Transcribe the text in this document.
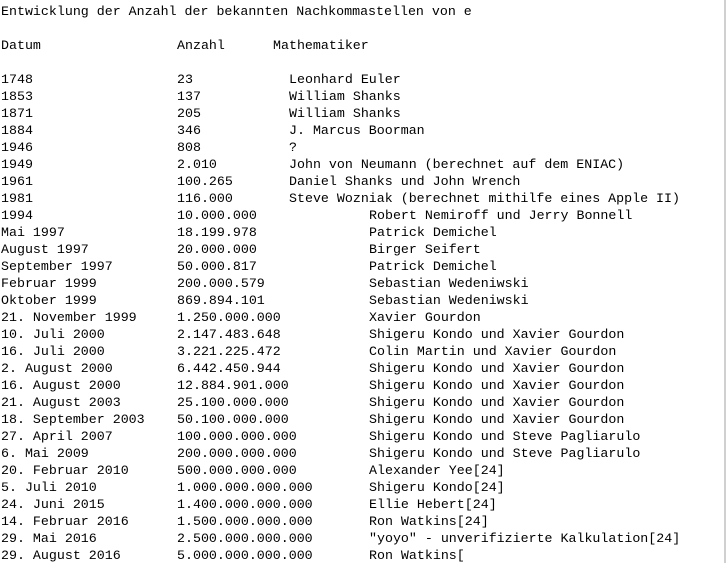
Entwicklung der Anzahl der bekannten Nachkommastellen von e
Datum	Anzahl	Mathematiker
1748	23	Leonhard Euler
1853	137	William Shanks
1871	205	William Shanks
1884	346	J. Marcus Boorman
1946	808	?
1949	2.010	John von Neumann (berechnet auf dem ENIAC)
1961	100.265	Daniel Shanks und John Wrench
1981	116.000	Steve Wozniak (berechnet mithilfe eines Apple II)
1994	10.000.000	Robert Nemiroff und Jerry Bonnell
Mai 1997	18.199.978	Patrick Demichel
August 1997	20.000.000	Birger Seifert
September 1997	50.000.817	Patrick Demichel
Februar 1999	200.000.579	Sebastian Wedeniwski
Oktober 1999	869.894.101	Sebastian Wedeniwski
21. November 1999	1.250.000.000	Xavier Gourdon
10. Juli 2000	2.147.483.648	Shigeru Kondo und Xavier Gourdon
16. Juli 2000	3.221.225.472	Colin Martin und Xavier Gourdon
2. August 2000	6.442.450.944	Shigeru Kondo und Xavier Gourdon
16. August 2000	12.884.901.000	Shigeru Kondo und Xavier Gourdon
21. August 2003	25.100.000.000	Shigeru Kondo und Xavier Gourdon
18. September 2003 50.100.000.000	Shigeru Kondo und Xavier Gourdon
27. April 2007	100.000.000.000	Shigeru Kondo und Steve Pagliarulo
6. Mai 2009	200.000.000.000	Shigeru Kondo und Steve Pagliarulo
20. Februar 2010	500.000.000.000	Alexander Yee[24]
5. Juli 2010	1.000.000.000.000	Shigeru Kondo[24]
24. Juni 2015	1.400.000.000.000	Ellie Hebert[24]
14. Februar 2016	1.500.000.000.000	Ron Watkins[24]
29. Mai 2016	2.500.000.000.000	"yoyo" - unverifizierte Kalkulation[24]
29. August 2016	5.000.000.000.000	Ron Watkins[
